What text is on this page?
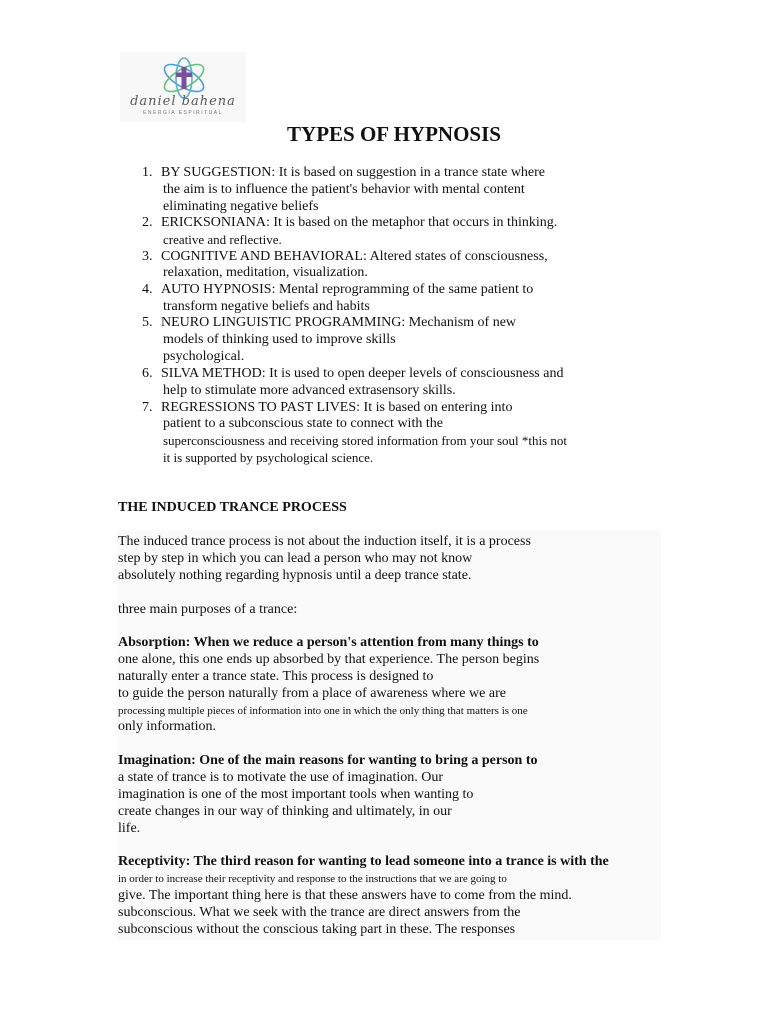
daniel bahena
ENERGÍA ESPIRITUAL
TYPES OF HYPNOSIS
1. BY SUGGESTION: It is based on suggestion in a trance state where
the aim is to influence the patient's behavior with mental content
eliminating negative beliefs
2. ERICKSONIANA: It is based on the metaphor that occurs in thinking.
creative and reflective.
3. COGNITIVE AND BEHAVIORAL: Altered states of consciousness,
relaxation, meditation, visualization.
4. AUTO HYPNOSIS: Mental reprogramming of the same patient to
transform negative beliefs and habits
5. NEURO LINGUISTIC PROGRAMMING: Mechanism of new
models of thinking used to improve skills
psychological.
6. SILVA METHOD: It is used to open deeper levels of consciousness and
help to stimulate more advanced extrasensory skills.
7. REGRESSIONS TO PAST LIVES: It is based on entering into
patient to a subconscious state to connect with the
superconsciousness and receiving stored information from your soul *this not
it is supported by psychological science.
THE INDUCED TRANCE PROCESS
The induced trance process is not about the induction itself, it is a process
step by step in which you can lead a person who may not know
absolutely nothing regarding hypnosis until a deep trance state.
three main purposes of a trance:
Absorption: When we reduce a person's attention from many things to
one alone, this one ends up absorbed by that experience. The person begins
naturally enter a trance state. This process is designed to
to guide the person naturally from a place of awareness where we are
processing multiple pieces of information into one in which the only thing that matters is one
only information.
Imagination: One of the main reasons for wanting to bring a person to
a state of trance is to motivate the use of imagination. Our
imagination is one of the most important tools when wanting to
create changes in our way of thinking and ultimately, in our
life.
Receptivity: The third reason for wanting to lead someone into a trance is with the
in order to increase their receptivity and response to the instructions that we are going to
give. The important thing here is that these answers have to come from the mind.
subconscious. What we seek with the trance are direct answers from the
subconscious without the conscious taking part in these. The responses
